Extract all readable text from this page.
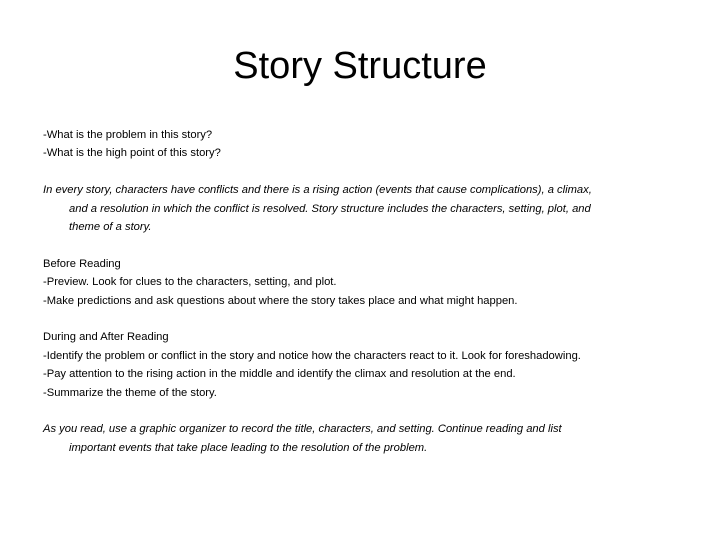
Story Structure
-What is the problem in this story?
-What is the high point of this story?
In every story, characters have conflicts and there is a rising action (events that cause complications), a climax,
and a resolution in which the conflict is resolved. Story structure includes the characters, setting, plot, and
theme of a story.
Before Reading
-Preview. Look for clues to the characters, setting, and plot.
-Make predictions and ask questions about where the story takes place and what might happen.
During and After Reading
-Identify the problem or conflict in the story and notice how the characters react to it. Look for foreshadowing.
-Pay attention to the rising action in the middle and identify the climax and resolution at the end.
-Summarize the theme of the story.
As you read, use a graphic organizer to record the title, characters, and setting. Continue reading and list
important events that take place leading to the resolution of the problem.
